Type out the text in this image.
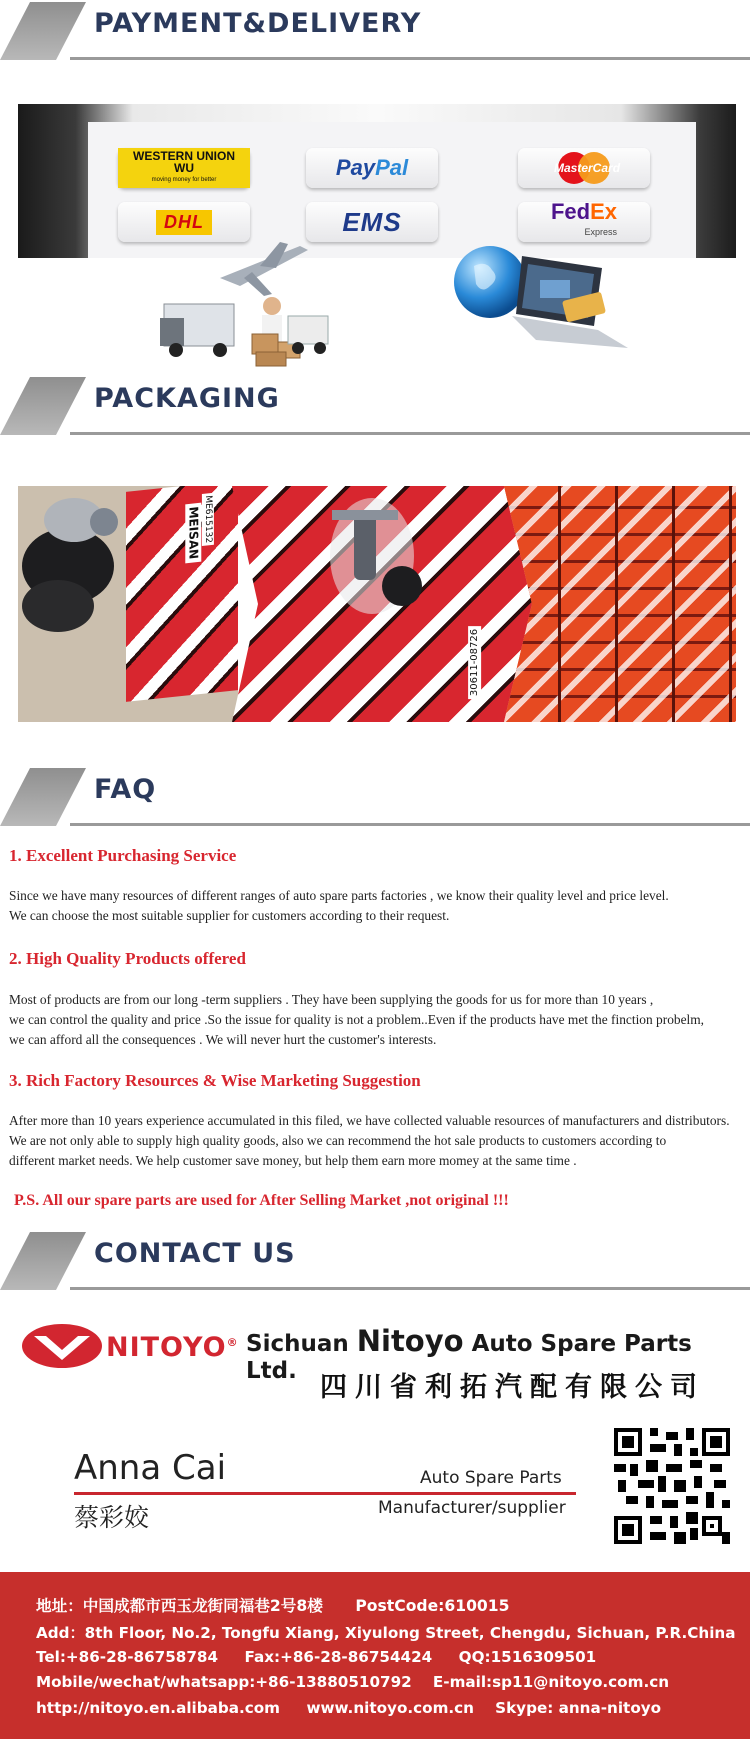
PAYMENT&DELIVERY
WESTERN UNION WU
moving money for better	PayPal	MasterCard
DHL	EMS	FedEx
Express
PACKAGING
MEISAN ME615132
30611-08726
FAQ
1. Excellent Purchasing Service
Since we have many resources of different ranges of auto spare parts factories , we know their quality level and price level.
We can choose the most suitable supplier for customers according to their request.
2. High Quality Products offered
Most of products are from our long -term suppliers . They have been supplying the goods for us for more than 10 years ,
we can control the quality and price .So the issue for quality is not a problem..Even if the products have met the finction probelm,
we can afford all the consequences . We will never hurt the customer's interests.
3. Rich Factory Resources & Wise Marketing Suggestion
After more than 10 years experience accumulated in this filed, we have collected valuable resources of manufacturers and distributors.
We are not only able to supply high quality goods, also we can recommend the hot sale products to customers according to
different market needs. We help customer save money, but help them earn more momey at the same time .
P.S. All our spare parts are used for After Selling Market ,not original !!!
CONTACT US
NITOYO® Sichuan Nitoyo Auto Spare Parts Ltd.
四川省利拓汽配有限公司
Anna Cai
蔡彩姣
Auto Spare Parts
Manufacturer/supplier
地址：中国成都市西玉龙街同福巷2号8楼      PostCode:610015
Add：8th Floor, No.2, Tongfu Xiang, Xiyulong Street, Chengdu, Sichuan, P.R.China
Tel:+86-28-86758784     Fax:+86-28-86754424     QQ:1516309501
Mobile/wechat/whatsapp:+86-13880510792    E-mail:sp11@nitoyo.com.cn
http://nitoyo.en.alibaba.com     www.nitoyo.com.cn    Skype: anna-nitoyo
